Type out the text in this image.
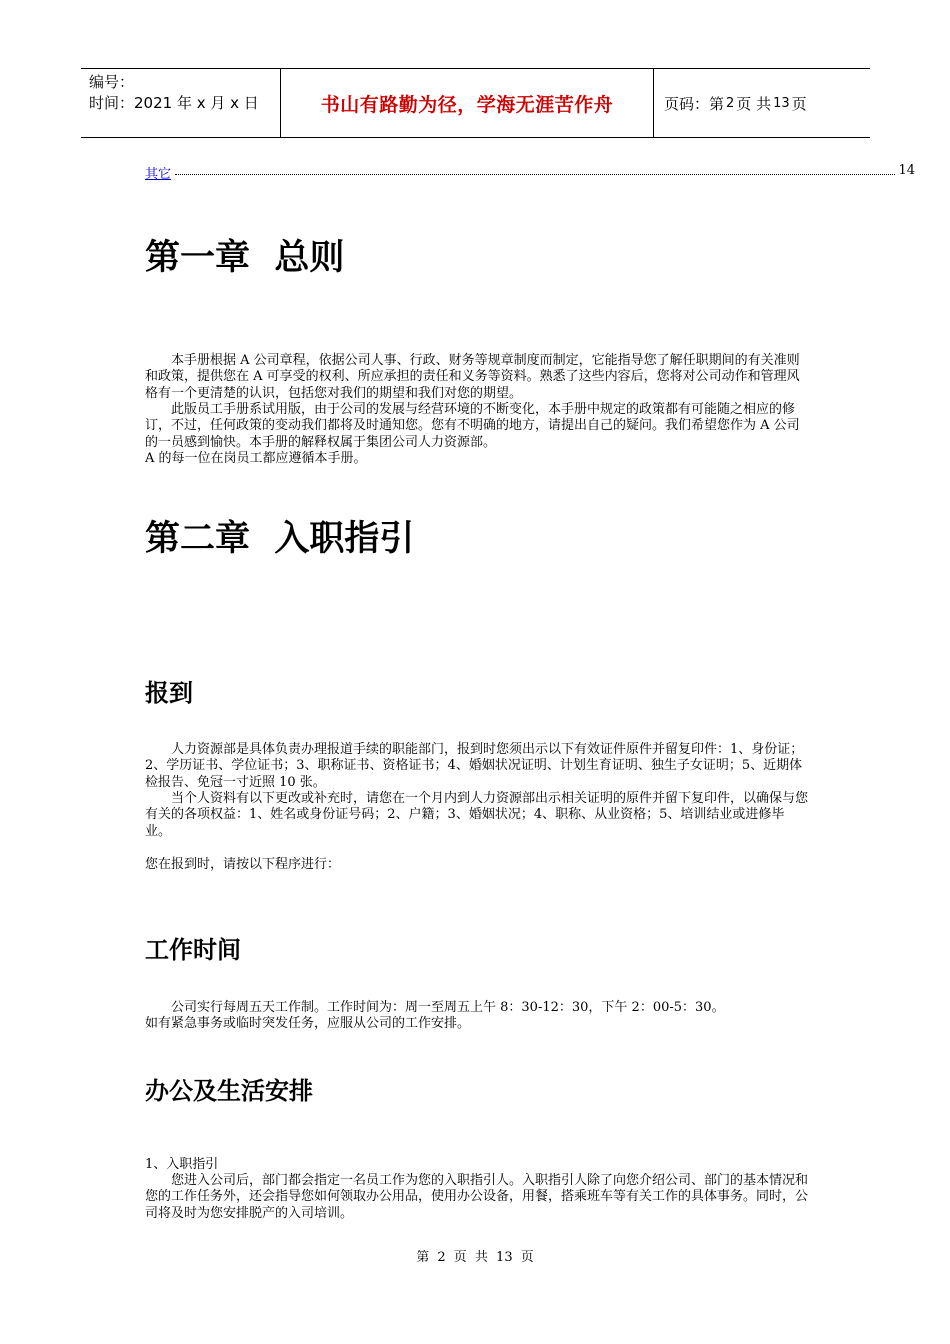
编号：
时间：2021 年 x 月 x 日	书山有路勤为径，学海无涯苦作舟	页码：第 2 页 共 13 页
其它	14
第一章  总则

本手册根据 A 公司章程，依据公司人事、行政、财务等规章制度而制定，它能指导您了解任职期间的有关准则和政策，提供您在 A 可享受的权利、所应承担的责任和义务等资料。熟悉了这些内容后，您将对公司动作和管理风格有一个更清楚的认识，包括您对我们的期望和我们对您的期望。

此版员工手册系试用版，由于公司的发展与经营环境的不断变化，本手册中规定的政策都有可能随之相应的修订，不过，任何政策的变动我们都将及时通知您。您有不明确的地方，请提出自己的疑问。我们希望您作为 A 公司的一员感到愉快。本手册的解释权属于集团公司人力资源部。

A 的每一位在岗员工都应遵循本手册。

第二章  入职指引
报到

人力资源部是具体负责办理报道手续的职能部门，报到时您须出示以下有效证件原件并留复印件：1、身份证；2、学历证书、学位证书；3、职称证书、资格证书；4、婚姻状况证明、计划生育证明、独生子女证明；5、近期体检报告、免冠一寸近照 10 张。

当个人资料有以下更改或补充时，请您在一个月内到人力资源部出示相关证明的原件并留下复印件，以确保与您有关的各项权益：1、姓名或身份证号码；2、户籍；3、婚姻状况；4、职称、从业资格；5、培训结业或进修毕业。

您在报到时，请按以下程序进行：

工作时间

公司实行每周五天工作制。工作时间为：周一至周五上午 8：30-12：30，下午 2：00-5：30。

如有紧急事务或临时突发任务，应服从公司的工作安排。

办公及生活安排

1、入职指引

您进入公司后，部门都会指定一名员工作为您的入职指引人。入职指引人除了向您介绍公司、部门的基本情况和您的工作任务外，还会指导您如何领取办公用品，使用办公设备，用餐，搭乘班车等有关工作的具体事务。同时，公司将及时为您安排脱产的入司培训。

第 2 页 共 13 页
